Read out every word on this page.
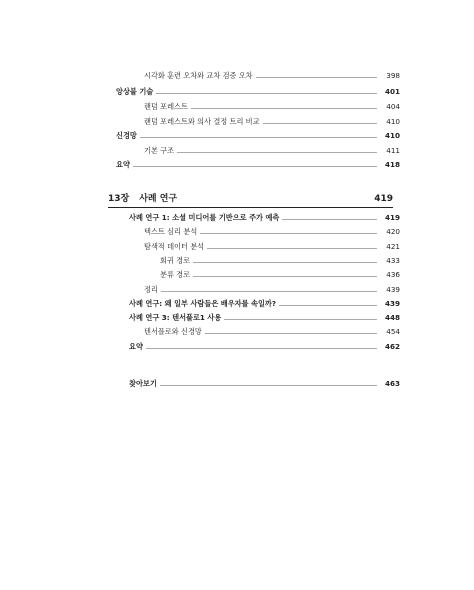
시각화 훈련 오차와 교차 검증 오차	398
앙상블 기술	401
랜덤 포레스트	404
랜덤 포레스트와 의사 결정 트리 비교	410
신경망	410
기본 구조	411
요약	418
13장 사례 연구	419
사례 연구 1: 소셜 미디어를 기반으로 주가 예측	419
텍스트 심리 분석	420
탐색적 데이터 분석	421
회귀 경로	433
분류 경로	436
정리	439
사례 연구: 왜 일부 사람들은 배우자를 속일까?	439
사례 연구 3: 텐서플로1 사용	448
텐서플로와 신경망	454
요약	462
찾아보기	463
